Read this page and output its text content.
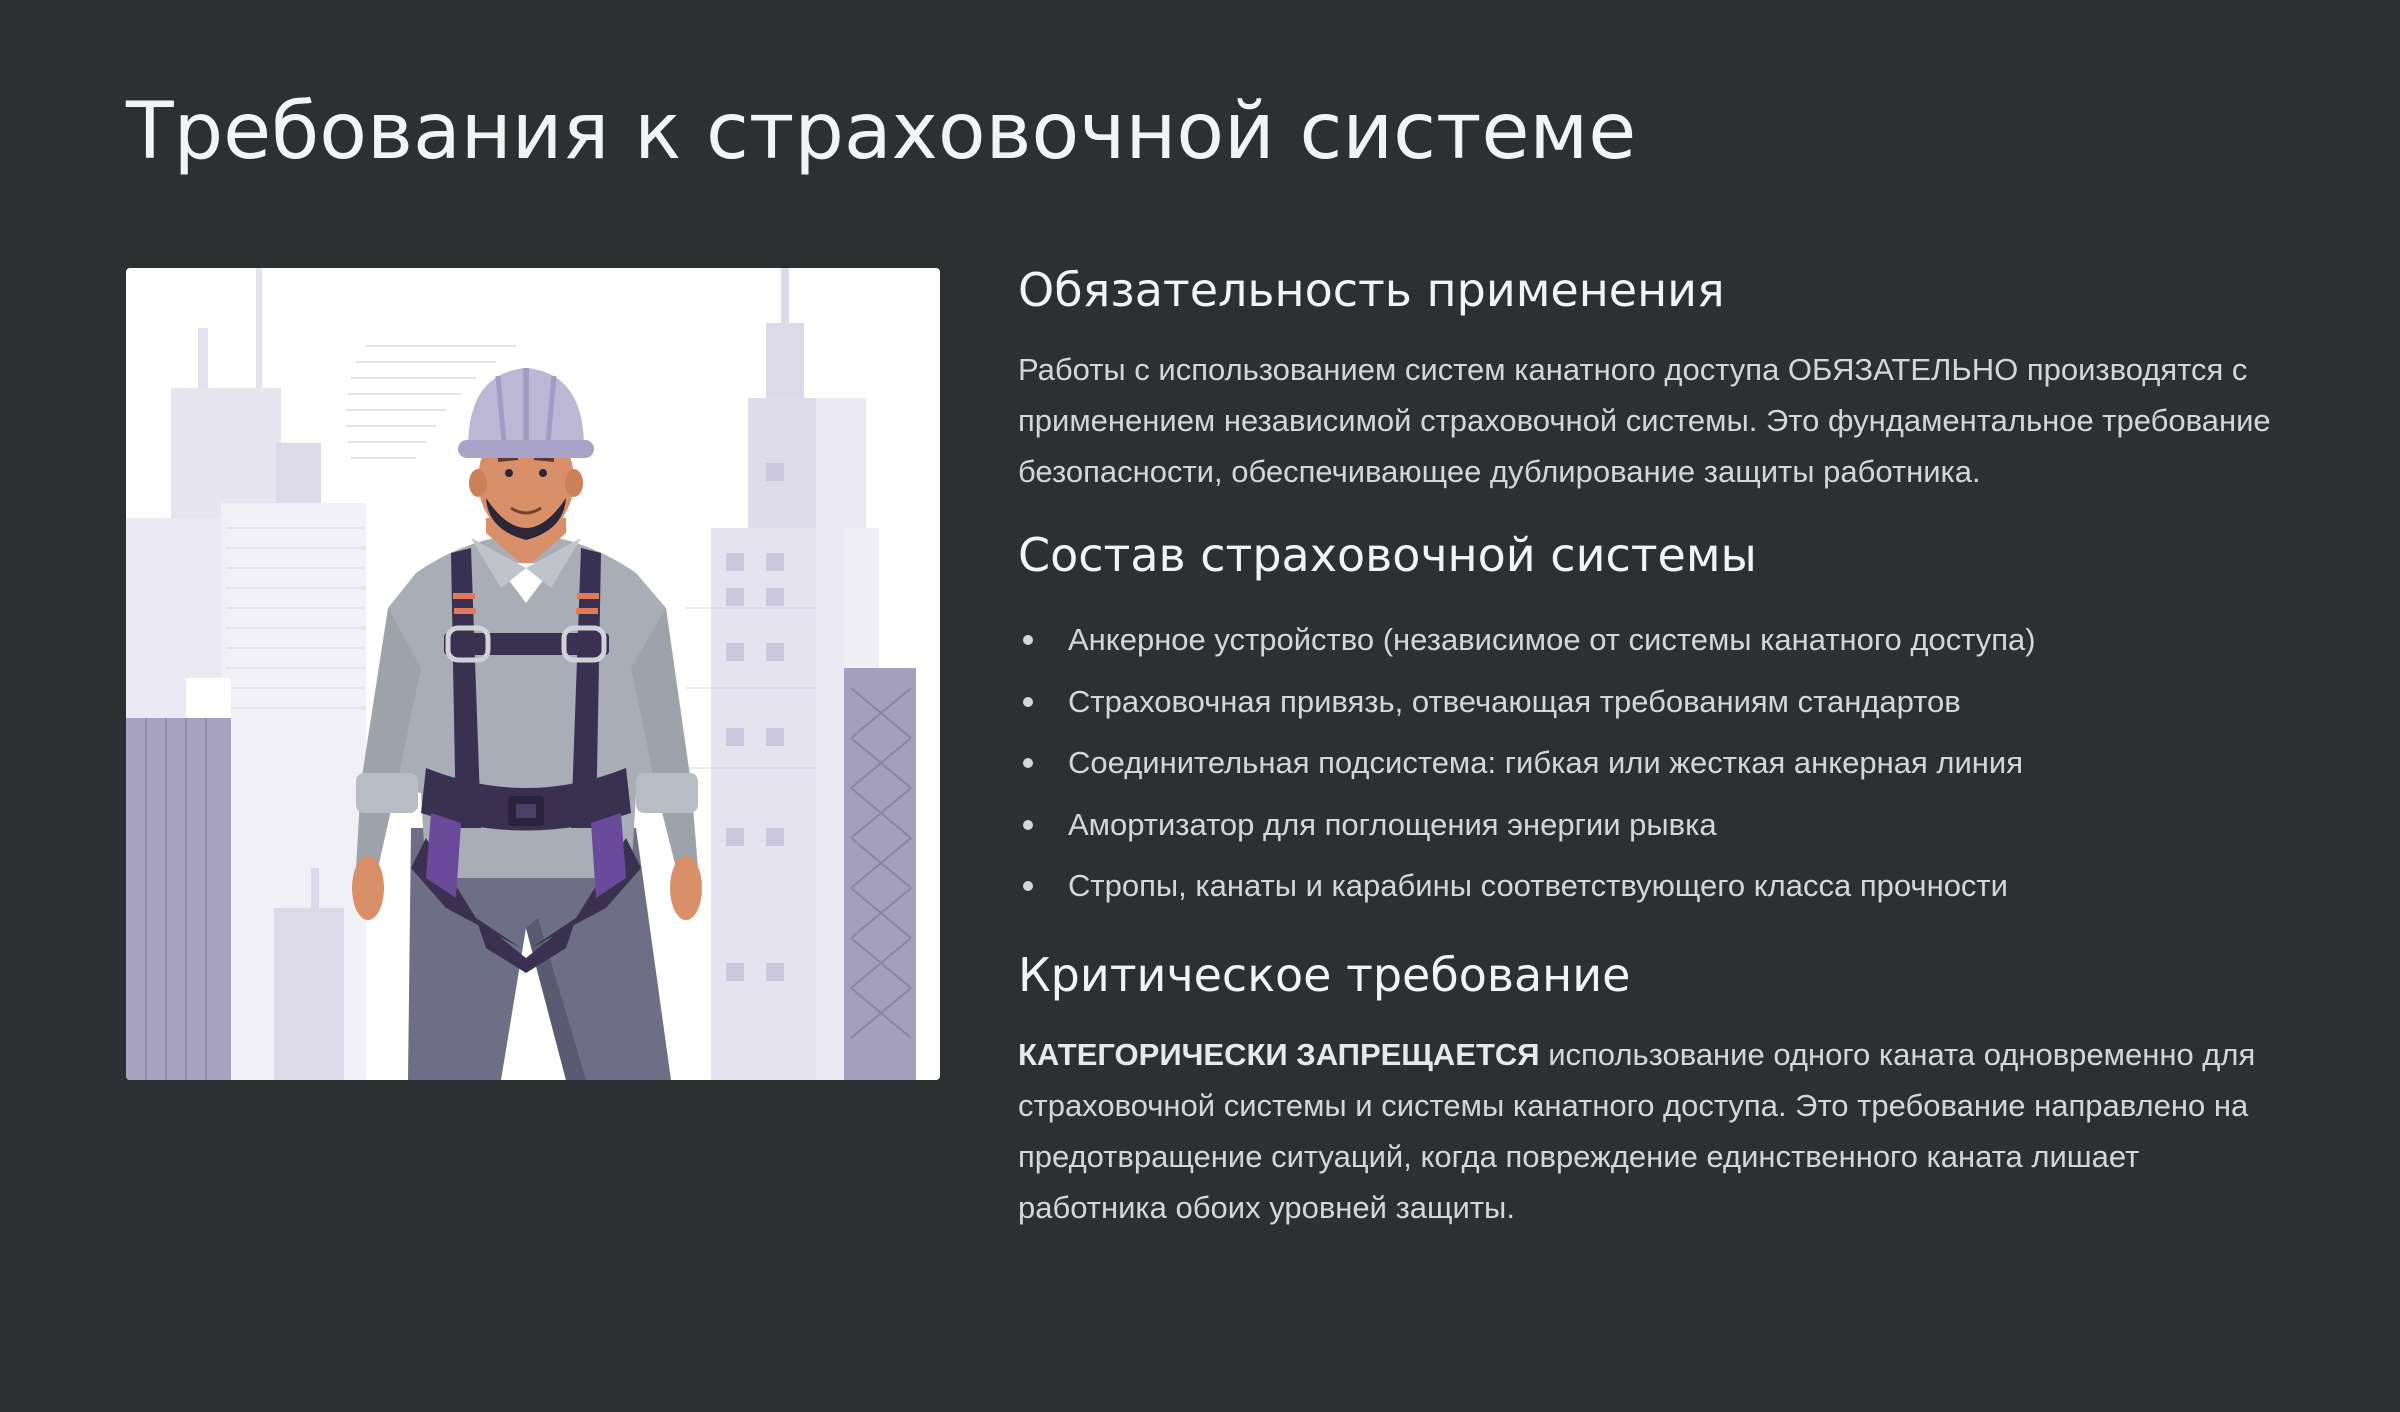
Требования к страховочной системе
Обязательность применения

Работы с использованием систем канатного доступа ОБЯЗАТЕЛЬНО производятся с применением независимой страховочной системы. Это фундаментальное требование безопасности, обеспечивающее дублирование защиты работника.

Состав страховочной системы
Анкерное устройство (независимое от системы канатного доступа)
Страховочная привязь, отвечающая требованиям стандартов
Соединительная подсистема: гибкая или жесткая анкерная линия
Амортизатор для поглощения энергии рывка
Стропы, канаты и карабины соответствующего класса прочности
Критическое требование

КАТЕГОРИЧЕСКИ ЗАПРЕЩАЕТСЯ использование одного каната одновременно для страховочной системы и системы канатного доступа. Это требование направлено на предотвращение ситуаций, когда повреждение единственного каната лишает работника обоих уровней защиты.
